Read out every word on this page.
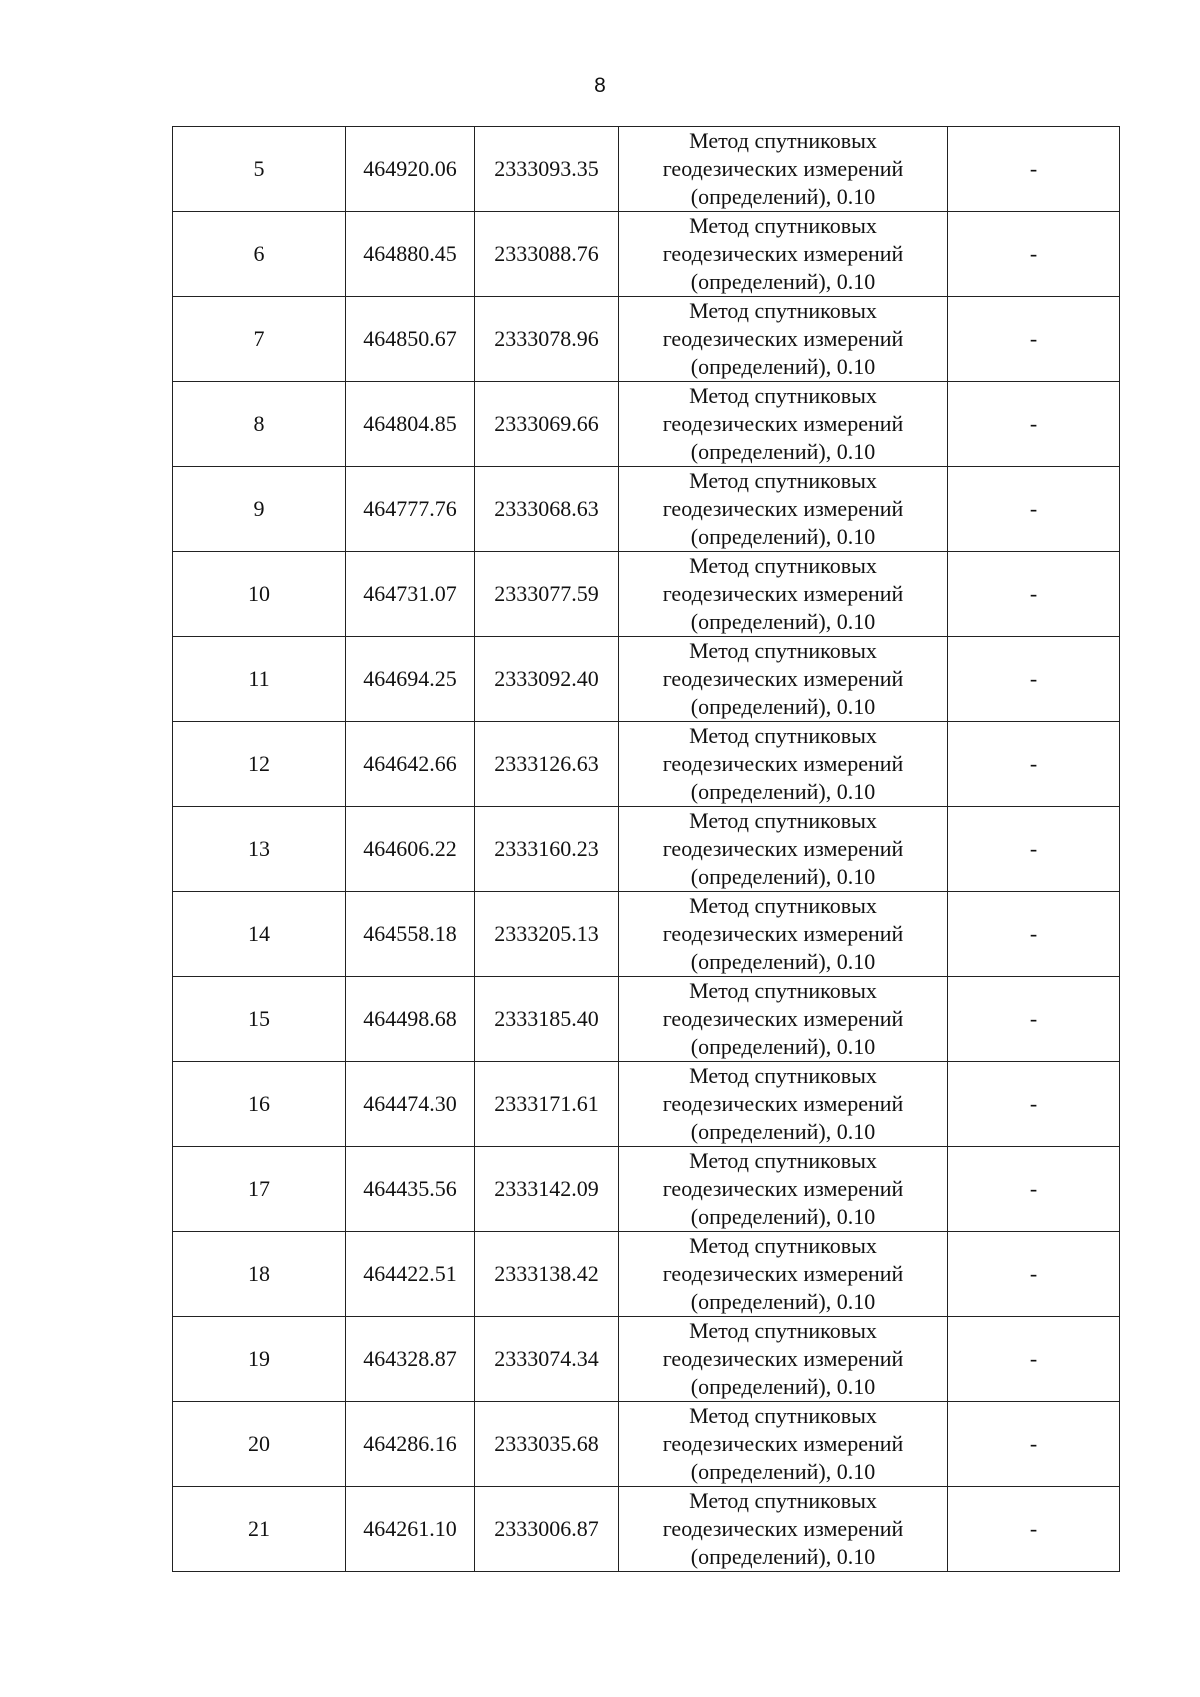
8
5	464920.06	2333093.35	Метод спутниковых
геодезических измерений
(определений), 0.10	-
6	464880.45	2333088.76	Метод спутниковых
геодезических измерений
(определений), 0.10	-
7	464850.67	2333078.96	Метод спутниковых
геодезических измерений
(определений), 0.10	-
8	464804.85	2333069.66	Метод спутниковых
геодезических измерений
(определений), 0.10	-
9	464777.76	2333068.63	Метод спутниковых
геодезических измерений
(определений), 0.10	-
10	464731.07	2333077.59	Метод спутниковых
геодезических измерений
(определений), 0.10	-
11	464694.25	2333092.40	Метод спутниковых
геодезических измерений
(определений), 0.10	-
12	464642.66	2333126.63	Метод спутниковых
геодезических измерений
(определений), 0.10	-
13	464606.22	2333160.23	Метод спутниковых
геодезических измерений
(определений), 0.10	-
14	464558.18	2333205.13	Метод спутниковых
геодезических измерений
(определений), 0.10	-
15	464498.68	2333185.40	Метод спутниковых
геодезических измерений
(определений), 0.10	-
16	464474.30	2333171.61	Метод спутниковых
геодезических измерений
(определений), 0.10	-
17	464435.56	2333142.09	Метод спутниковых
геодезических измерений
(определений), 0.10	-
18	464422.51	2333138.42	Метод спутниковых
геодезических измерений
(определений), 0.10	-
19	464328.87	2333074.34	Метод спутниковых
геодезических измерений
(определений), 0.10	-
20	464286.16	2333035.68	Метод спутниковых
геодезических измерений
(определений), 0.10	-
21	464261.10	2333006.87	Метод спутниковых
геодезических измерений
(определений), 0.10	-
